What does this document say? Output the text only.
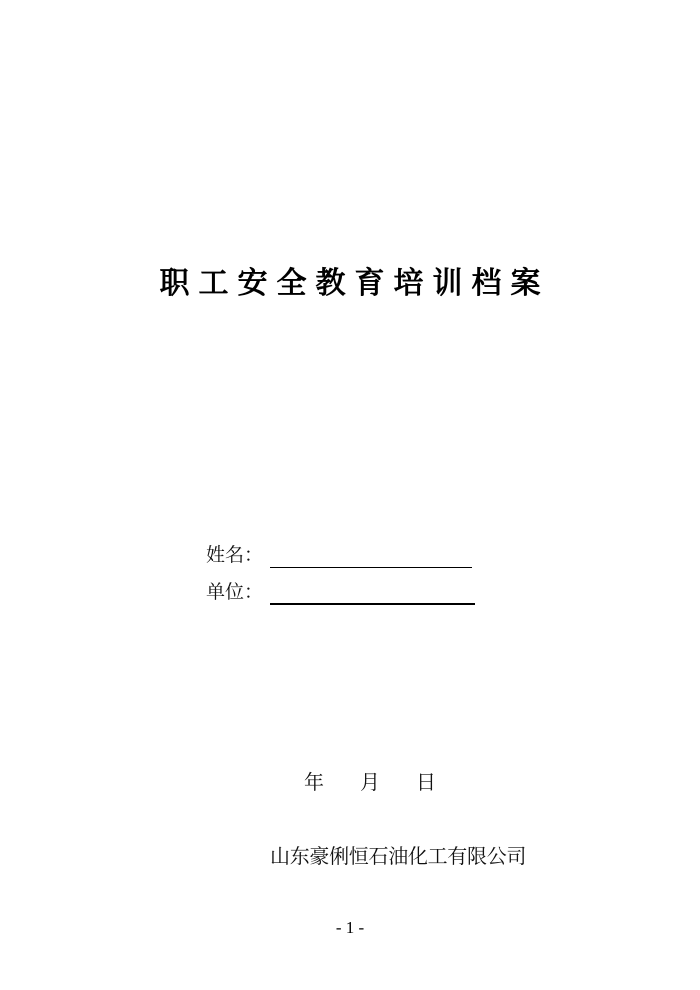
职工安全教育培训档案
姓名：
单位：
年 月 日
山东豪俐恒石油化工有限公司
- 1 -
